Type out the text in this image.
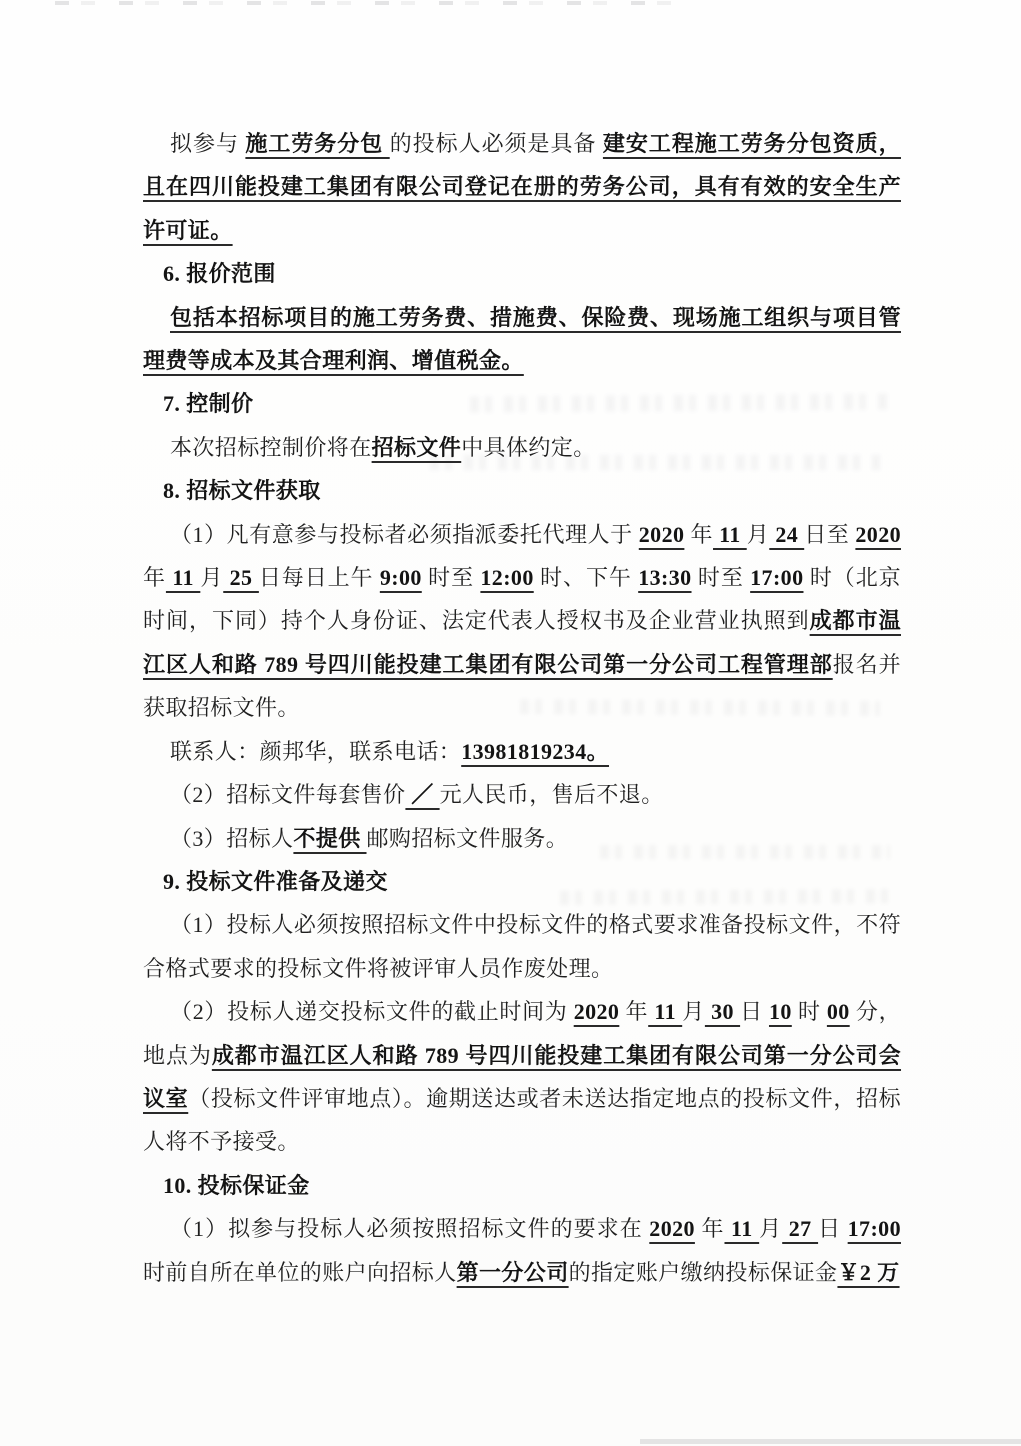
拟参与 施工劳务分包 的投标人必须是具备 建安工程施工劳务分包资质，且在四川能投建工集团有限公司登记在册的劳务公司，具有有效的安全生产许可证。

6. 报价范围

包括本招标项目的施工劳务费、措施费、保险费、现场施工组织与项目管理费等成本及其合理利润、增值税金。

7. 控制价

本次招标控制价将在招标文件中具体约定。

8. 招标文件获取

（1）凡有意参与投标者必须指派委托代理人于 2020 年 11 月 24 日至 2020 年 11 月 25 日每日上午 9:00 时至 12:00 时、下午 13:30 时至 17:00 时（北京时间，下同）持个人身份证、法定代表人授权书及企业营业执照到成都市温江区人和路 789 号四川能投建工集团有限公司第一分公司工程管理部报名并获取招标文件。

联系人：颜邦华，联系电话：13981819234。

（2）招标文件每套售价 ／ 元人民币，售后不退。

（3）招标人不提供 邮购招标文件服务。

9. 投标文件准备及递交

（1）投标人必须按照招标文件中投标文件的格式要求准备投标文件，不符合格式要求的投标文件将被评审人员作废处理。

（2）投标人递交投标文件的截止时间为 2020 年 11 月 30 日 10 时 00 分，地点为成都市温江区人和路 789 号四川能投建工集团有限公司第一分公司会议室（投标文件评审地点）。逾期送达或者未送达指定地点的投标文件，招标人将不予接受。

10. 投标保证金

（1）拟参与投标人必须按照招标文件的要求在 2020 年 11 月 27 日 17:00 时前自所在单位的账户向招标人第一分公司的指定账户缴纳投标保证金￥2 万
